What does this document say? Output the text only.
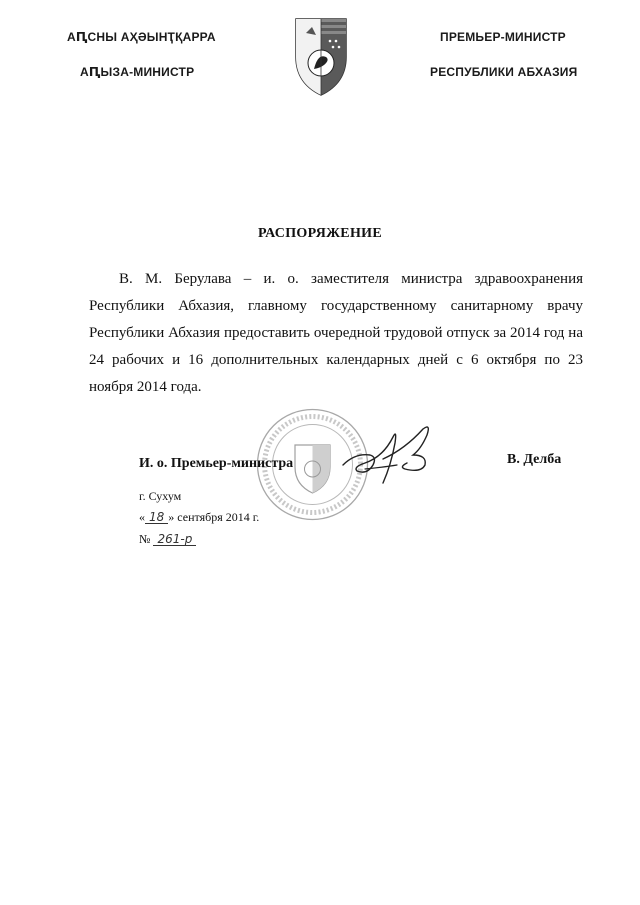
АԤСНЫ АҲӘЫНҬҚАРРА
АԤЫЗА-МИНИСТР
ПРЕМЬЕР-МИНИСТР
РЕСПУБЛИКИ АБХАЗИЯ
РАСПОРЯЖЕНИЕ
В. М. Берулава – и. о. заместителя министра здравоохранения Республики Абхазия, главному государственному санитарному врачу Республики Абхазия предоставить очередной трудовой отпуск за 2014 год на 24 рабочих и 16 дополнительных календарных дней с 6 октября по 23 ноября 2014 года.
И. о. Премьер-министра	В. Делба
г. Сухум
« 18 » сентября 2014 г.
№ 261-р
